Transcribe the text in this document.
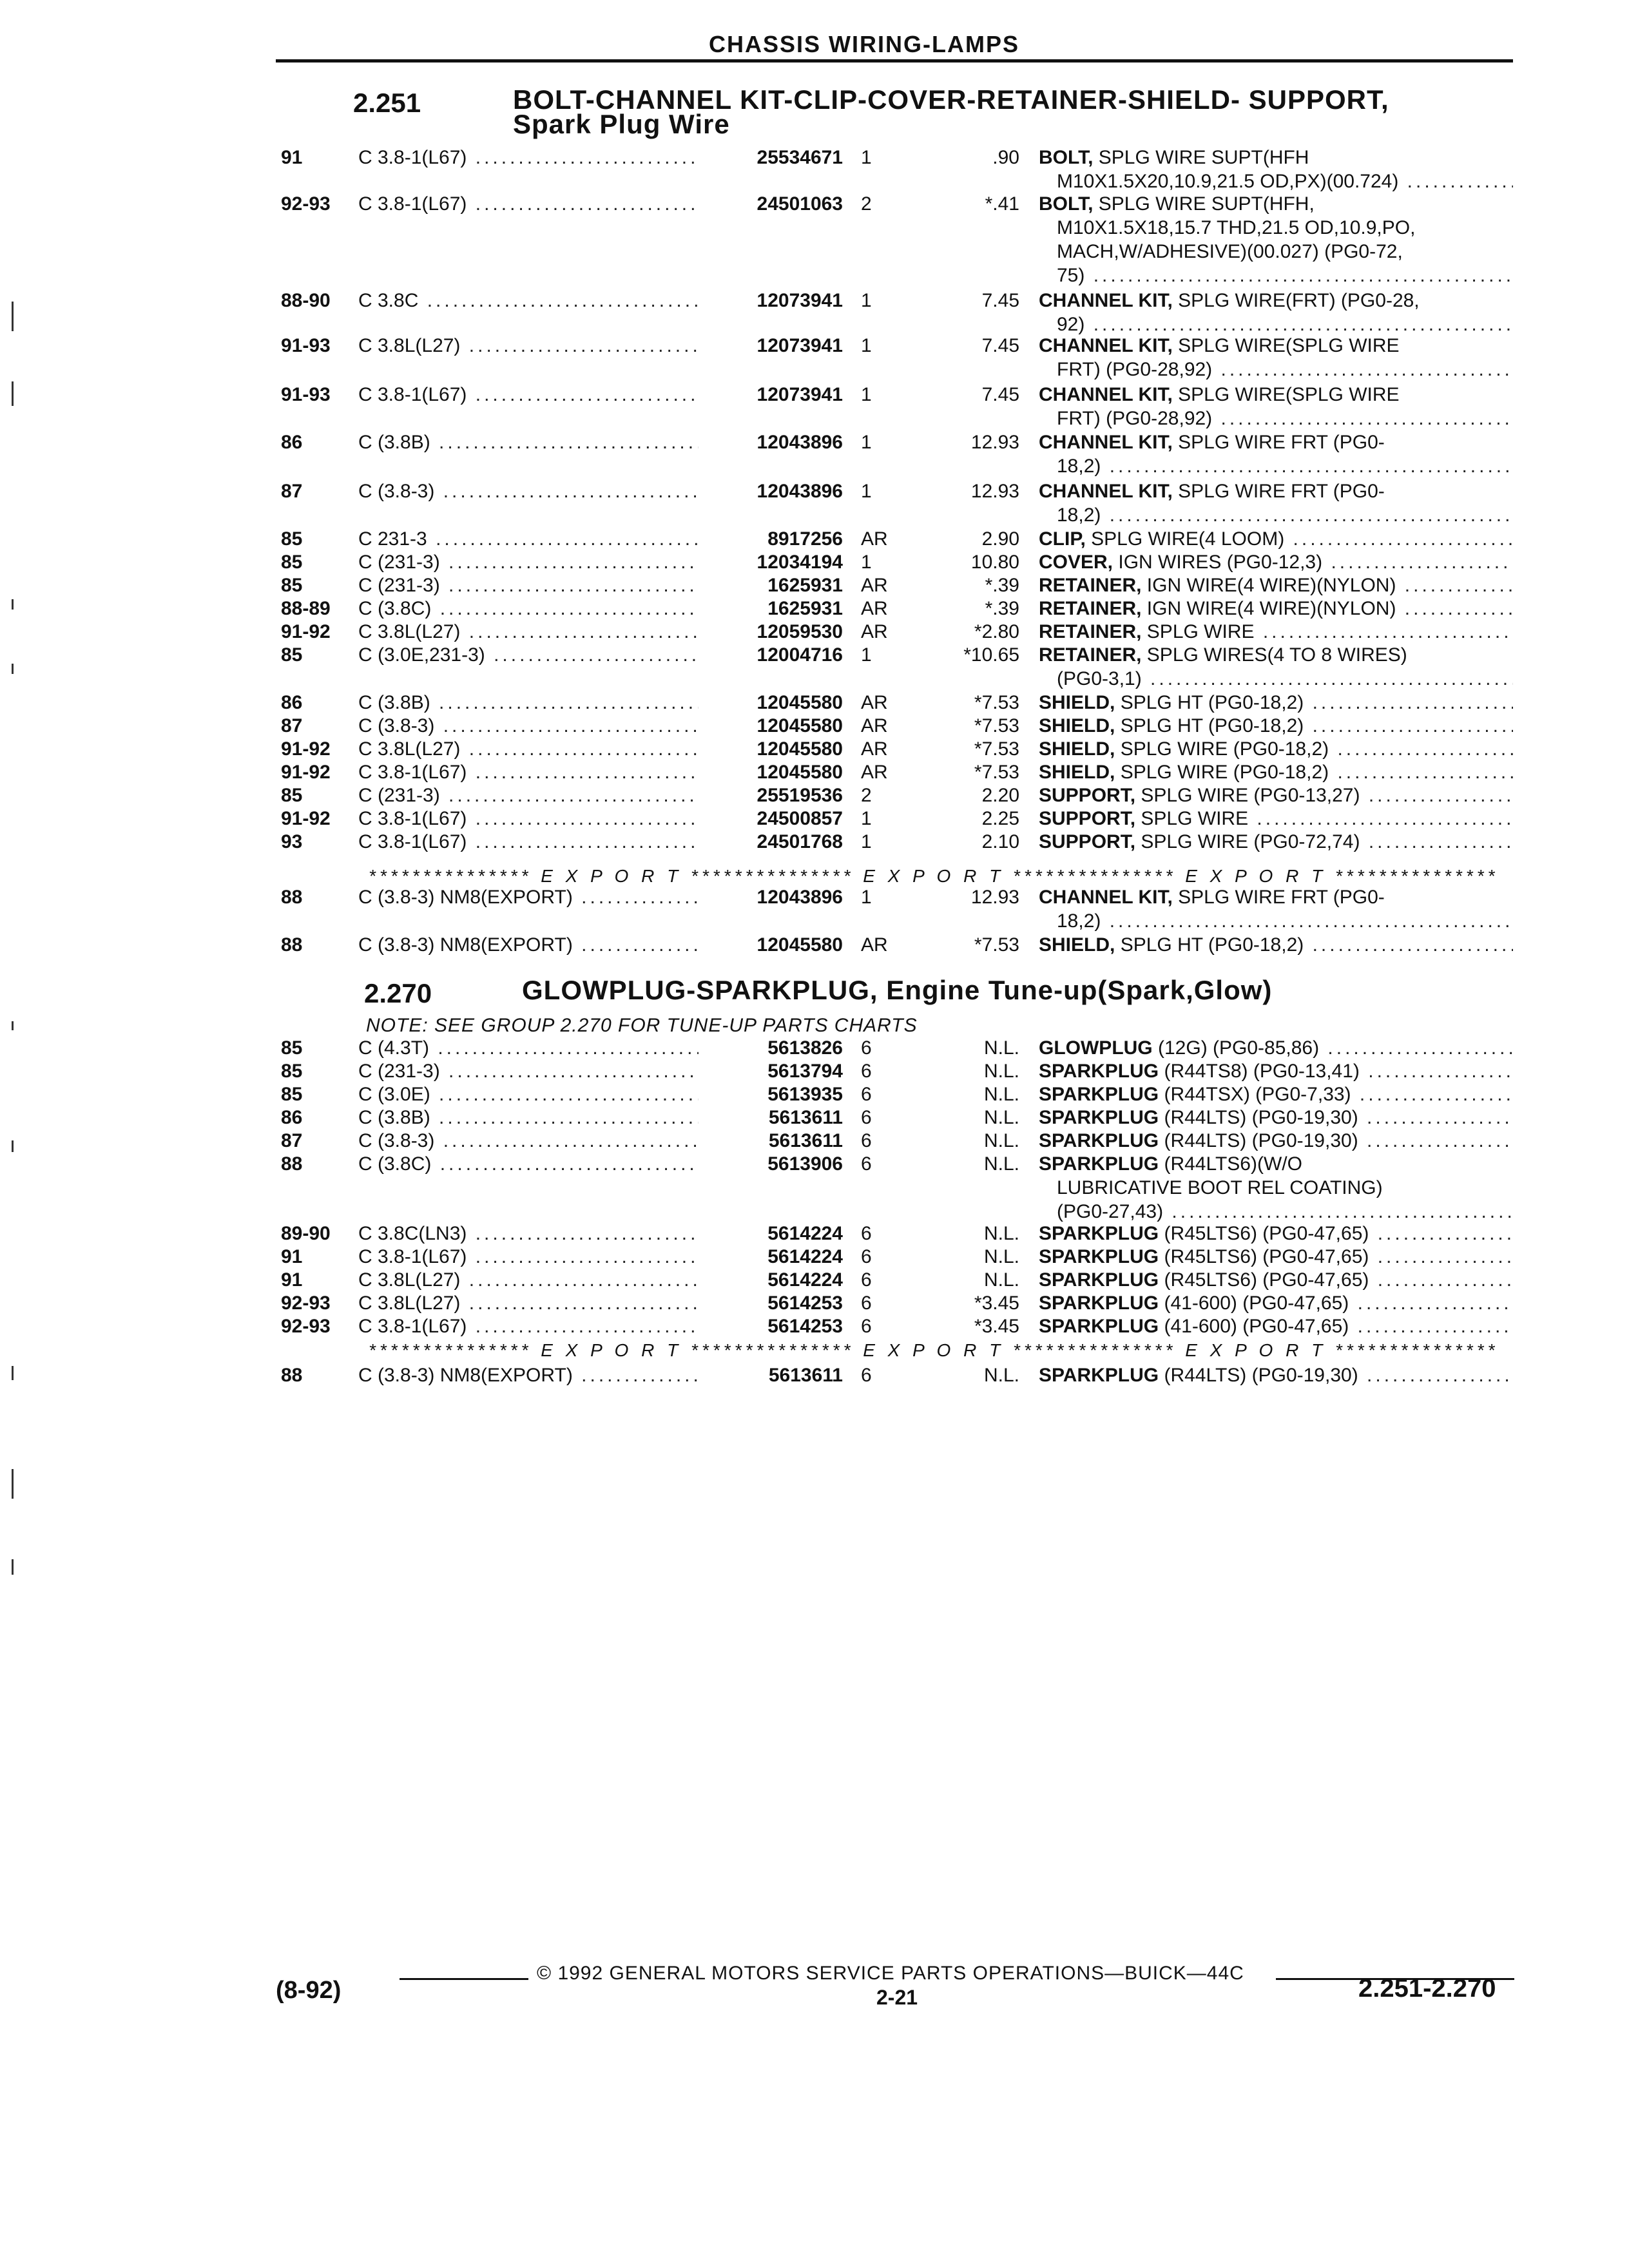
CHASSIS WIRING-LAMPS
2.251	BOLT-CHANNEL KIT-CLIP-COVER-RETAINER-SHIELD- SUPPORT,
Spark Plug Wire
2.270	GLOWPLUG-SPARKPLUG, Engine Tune-up(Spark,Glow)
NOTE: SEE GROUP 2.270 FOR TUNE-UP PARTS CHARTS
*************** E X P O R T *************** E X P O R T *************** E X P O R T ***************
*************** E X P O R T *************** E X P O R T *************** E X P O R T ***************
91	C 3.8-1(L67) .....	25534671 1	.90 BOLT, SPLG WIRE SUPT(HFH
M10X1.5X20,10.9,21.5 OD,PX)(00.724) .....
92-93 C 3.8-1(L67) .....	24501063 2	*.41 BOLT, SPLG WIRE SUPT(HFH,
M10X1.5X18,15.7 THD,21.5 OD,10.9,PO,
MACH,W/ADHESIVE)(00.027) (PG0-72,
75) .....
88-90 C 3.8C .....	12073941 1	7.45 CHANNEL KIT, SPLG WIRE(FRT) (PG0-28,
92) .....
91-93 C 3.8L(L27) .....	12073941 1	7.45 CHANNEL KIT, SPLG WIRE(SPLG WIRE
FRT) (PG0-28,92) .....
91-93 C 3.8-1(L67) .....	12073941 1	7.45 CHANNEL KIT, SPLG WIRE(SPLG WIRE
FRT) (PG0-28,92) .....
86	C (3.8B) .....	12043896 1	12.93 CHANNEL KIT, SPLG WIRE FRT (PG0-
18,2) .....
87	C (3.8-3) .....	12043896 1	12.93 CHANNEL KIT, SPLG WIRE FRT (PG0-
18,2) .....
85	C 231-3 .....	8917256 AR	2.90 CLIP, SPLG WIRE(4 LOOM) .....
85	C (231-3) .....	12034194 1	10.80 COVER, IGN WIRES (PG0-12,3) .....
85	C (231-3) .....	1625931 AR	*.39 RETAINER, IGN WIRE(4 WIRE)(NYLON) .....
88-89 C (3.8C) .....	1625931 AR	*.39 RETAINER, IGN WIRE(4 WIRE)(NYLON) .....
91-92 C 3.8L(L27) .....	12059530 AR	*2.80 RETAINER, SPLG WIRE .....
85	C (3.0E,231-3) .....	12004716 1	*10.65 RETAINER, SPLG WIRES(4 TO 8 WIRES)
(PG0-3,1) .....
86	C (3.8B) .....	12045580 AR	*7.53 SHIELD, SPLG HT (PG0-18,2) .....
87	C (3.8-3) .....	12045580 AR	*7.53 SHIELD, SPLG HT (PG0-18,2) .....
91-92 C 3.8L(L27) .....	12045580 AR	*7.53 SHIELD, SPLG WIRE (PG0-18,2) .....
91-92 C 3.8-1(L67) .....	12045580 AR	*7.53 SHIELD, SPLG WIRE (PG0-18,2) .....
85	C (231-3) .....	25519536 2	2.20 SUPPORT, SPLG WIRE (PG0-13,27) .....
91-92 C 3.8-1(L67) .....	24500857 1	2.25 SUPPORT, SPLG WIRE .....
93	C 3.8-1(L67) .....	24501768 1	2.10 SUPPORT, SPLG WIRE (PG0-72,74) .....
88	C (3.8-3) NM8(EXPORT) .....	12043896 1	12.93 CHANNEL KIT, SPLG WIRE FRT (PG0-
18,2) .....
88	C (3.8-3) NM8(EXPORT) .....	12045580 AR	*7.53 SHIELD, SPLG HT (PG0-18,2) .....
85	C (4.3T) .....	5613826 6	N.L. GLOWPLUG (12G) (PG0-85,86) .....
85	C (231-3) .....	5613794 6	N.L. SPARKPLUG (R44TS8) (PG0-13,41) .....
85	C (3.0E) .....	5613935 6	N.L. SPARKPLUG (R44TSX) (PG0-7,33) .....
86	C (3.8B) .....	5613611 6	N.L. SPARKPLUG (R44LTS) (PG0-19,30) .....
87	C (3.8-3) .....	5613611 6	N.L. SPARKPLUG (R44LTS) (PG0-19,30) .....
88	C (3.8C) .....	5613906 6	N.L. SPARKPLUG (R44LTS6)(W/O
LUBRICATIVE BOOT REL COATING)
(PG0-27,43) .....
89-90 C 3.8C(LN3) .....	5614224 6	N.L. SPARKPLUG (R45LTS6) (PG0-47,65) .....
91	C 3.8-1(L67) .....	5614224 6	N.L. SPARKPLUG (R45LTS6) (PG0-47,65) .....
91	C 3.8L(L27) .....	5614224 6	N.L. SPARKPLUG (R45LTS6) (PG0-47,65) .....
92-93 C 3.8L(L27) .....	5614253 6	*3.45 SPARKPLUG (41-600) (PG0-47,65) .....
92-93 C 3.8-1(L67) .....	5614253 6	*3.45 SPARKPLUG (41-600) (PG0-47,65) .....
88	C (3.8-3) NM8(EXPORT) .....	5613611 6	N.L. SPARKPLUG (R44LTS) (PG0-19,30) .....
© 1992 GENERAL MOTORS SERVICE PARTS OPERATIONS—BUICK—44C
(8-92)	2-21	2.251-2.270
